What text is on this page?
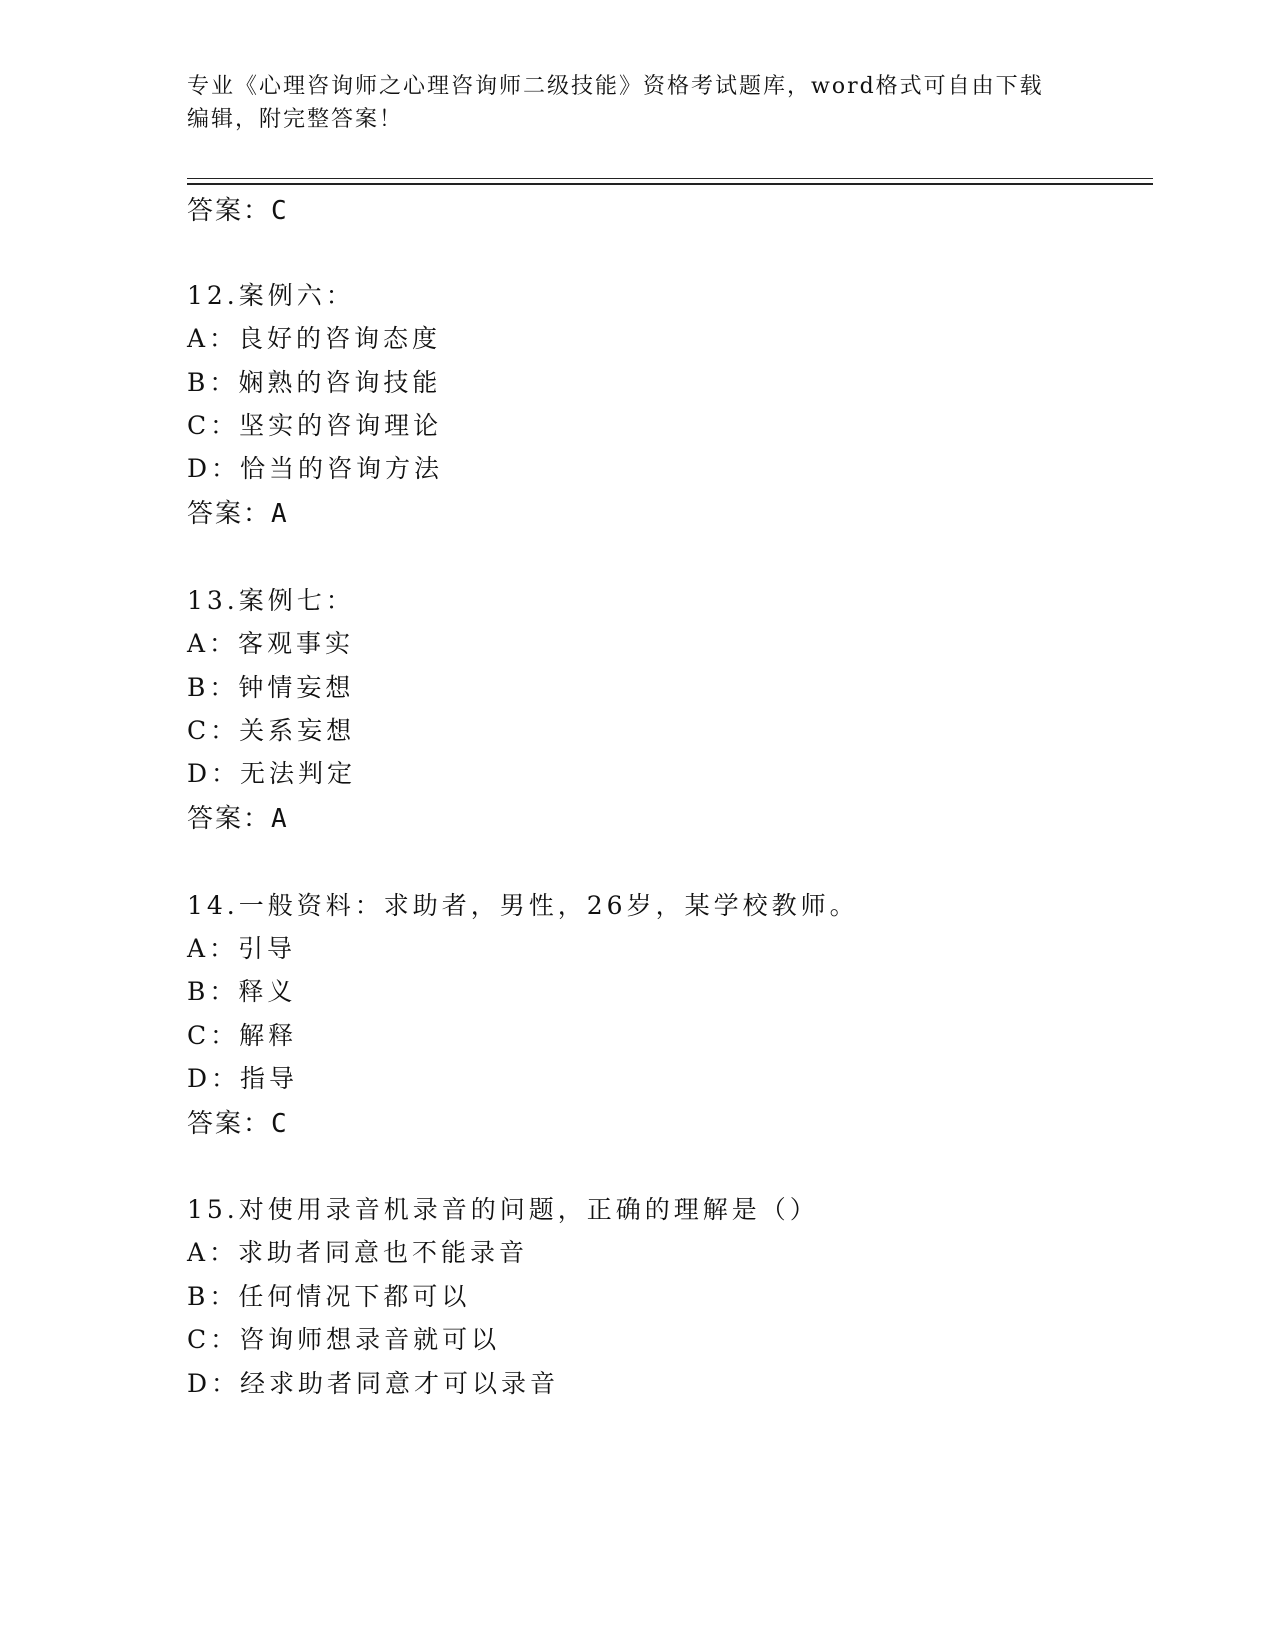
专业《心理咨询师之心理咨询师二级技能》资格考试题库，word格式可自由下载
编辑，附完整答案！
答案：C
12.案例六：
A：良好的咨询态度
B：娴熟的咨询技能
C：坚实的咨询理论
D：恰当的咨询方法
答案：A
13.案例七：
A：客观事实
B：钟情妄想
C：关系妄想
D：无法判定
答案：A
14.一般资料：求助者，男性，26岁，某学校教师。
A：引导
B：释义
C：解释
D：指导
答案：C
15.对使用录音机录音的问题，正确的理解是（）
A：求助者同意也不能录音
B：任何情况下都可以
C：咨询师想录音就可以
D：经求助者同意才可以录音
